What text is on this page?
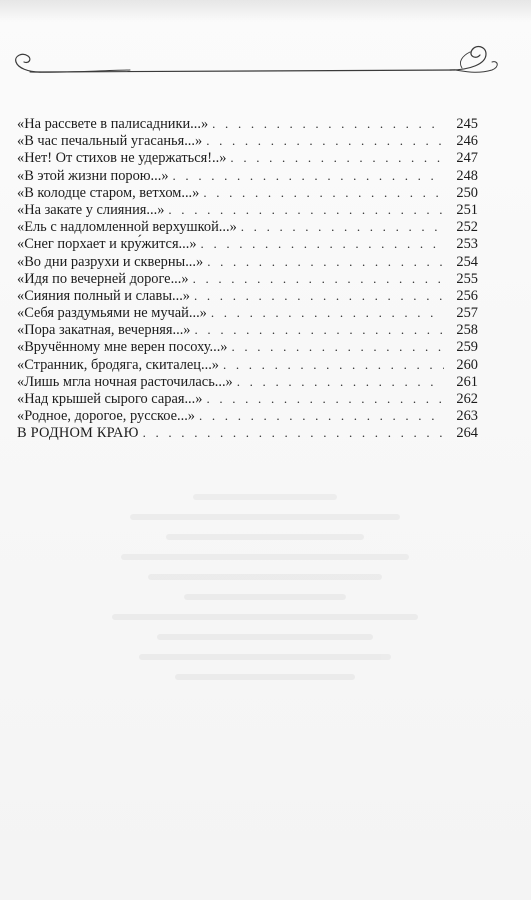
«На рассвете в палисадники...» . . .	245
«В час печальный угасанья...» . . .	246
«Нет! От стихов не удержаться!..» . . .	247
«В этой жизни порою...» . . .	248
«В колодце старом, ветхом...» . . .	250
«На закате у слияния...» . . .	251
«Ель с надломленной верхушкой...» . . .	252
«Снег порхает и кру́жится...» . . .	253
«Во дни разрухи и скверны...» . . .	254
«Идя по вечерней дороге...» . . .	255
«Сияния полный и славы...» . . .	256
«Себя раздумьями не мучай...» . . .	257
«Пора закатная, вечерняя...» . . .	258
«Вручённому мне верен посоху...» . . .	259
«Странник, бродяга, скиталец...» . . .	260
«Лишь мгла ночная расточилась...» . . .	261
«Над крышей сырого сарая...» . . .	262
«Родное, дорогое, русское...» . . .	263
В РОДНОМ КРАЮ . . .	264
